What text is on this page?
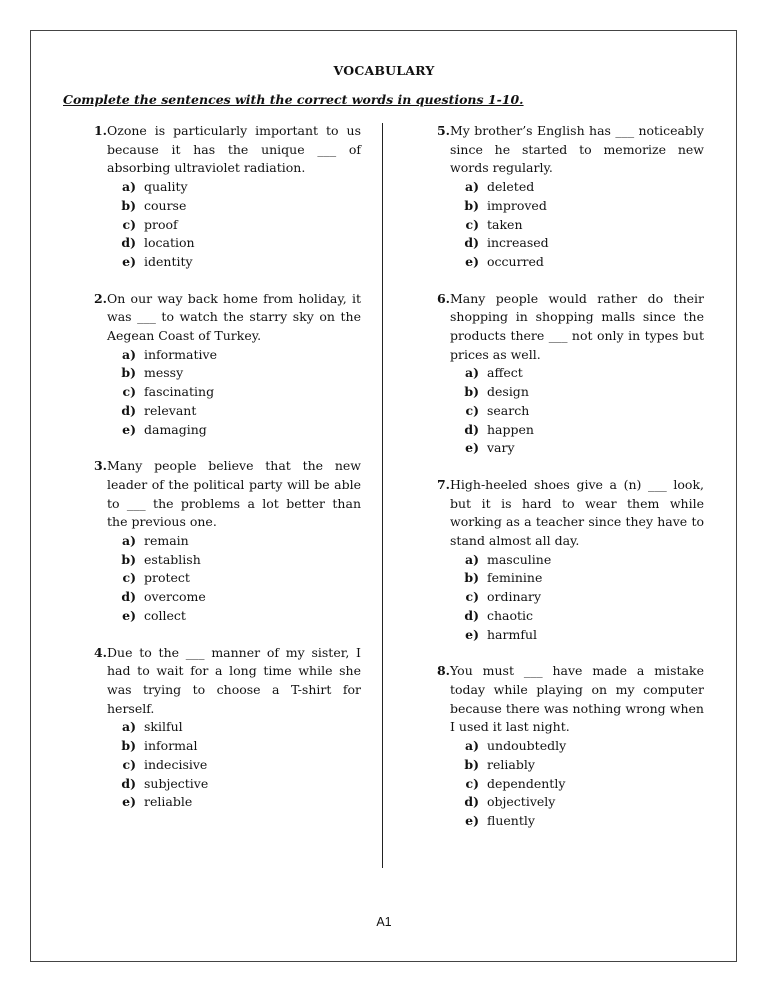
VOCABULARY
Complete the sentences with the correct words in questions 1-10.
1. Ozone is particularly important to us because it has the unique ___ of absorbing ultraviolet radiation.
a) quality
b) course
c) proof
d) location
e) identity
2. On our way back home from holiday, it was ___ to watch the starry sky on the Aegean Coast of Turkey.
a) informative
b) messy
c) fascinating
d) relevant
e) damaging
3. Many people believe that the new leader of the political party will be able to ___ the problems a lot better than the previous one.
a) remain
b) establish
c) protect
d) overcome
e) collect
4. Due to the ___ manner of my sister, I had to wait for a long time while she was trying to choose a T-shirt for herself.
a) skilful
b) informal
c) indecisive
d) subjective
e) reliable
5. My brother’s English has ___ noticeably since he started to memorize new words regularly.
a) deleted
b) improved
c) taken
d) increased
e) occurred
6. Many people would rather do their shopping in shopping malls since the products there ___ not only in types but prices as well.
a) affect
b) design
c) search
d) happen
e) vary
7. High-heeled shoes give a (n) ___ look, but it is hard to wear them while working as a teacher since they have to stand almost all day.
a) masculine
b) feminine
c) ordinary
d) chaotic
e) harmful
8. You must ___ have made a mistake today while playing on my computer because there was nothing wrong when I used it last night.
a) undoubtedly
b) reliably
c) dependently
d) objectively
e) fluently
A1
